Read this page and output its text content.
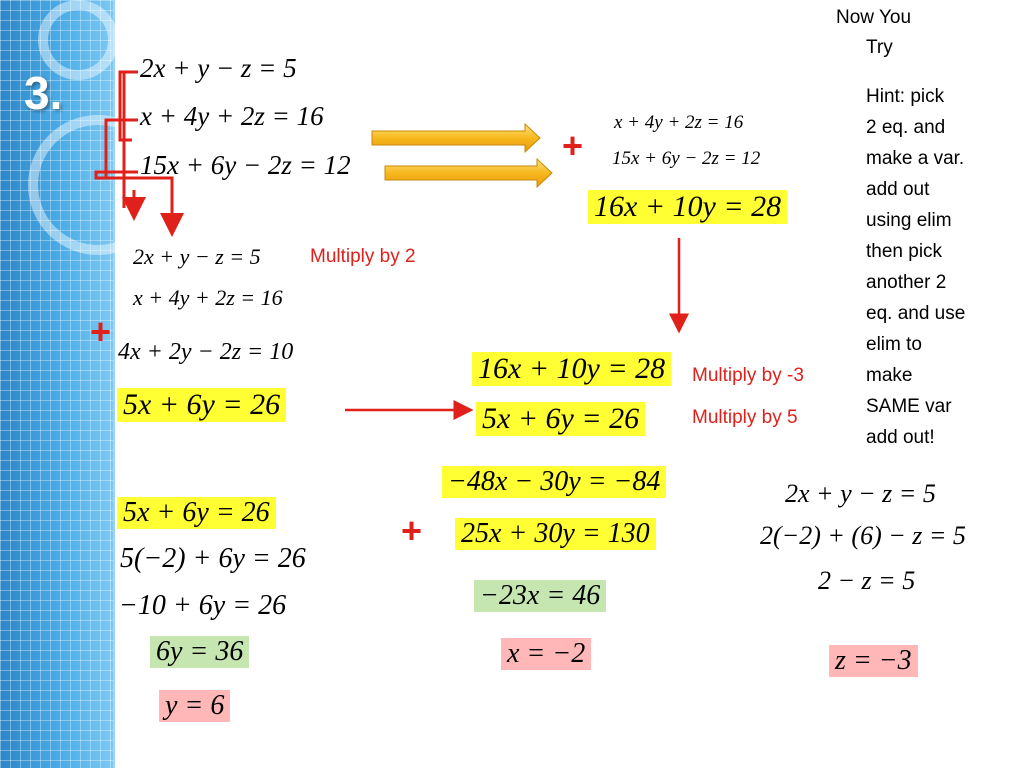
3.
Now You
Try
Hint: pick
2 eq. and
make a var.
add out
using elim
then pick
another 2
eq. and use
elim to
make
SAME var
add out!
2x + y − z = 5
x + 4y + 2z = 16
15x + 6y − 2z = 12
x + 4y + 2z = 16
15x + 6y − 2z = 12
+
16x + 10y = 28
2x + y − z = 5	Multiply by 2
x + 4y + 2z = 16
+ 4x + 2y − 2z = 10
5x + 6y = 26
16x + 10y = 28	Multiply by -3
5x + 6y = 26	Multiply by 5
−48x − 30y = −84
+ 25x + 30y = 130
−23x = 46
x = −2
5x + 6y = 26
5(−2) + 6y = 26
−10 + 6y = 26
6y = 36
y = 6
2x + y − z = 5
2(−2) + (6) − z = 5
2 − z = 5
z = −3
